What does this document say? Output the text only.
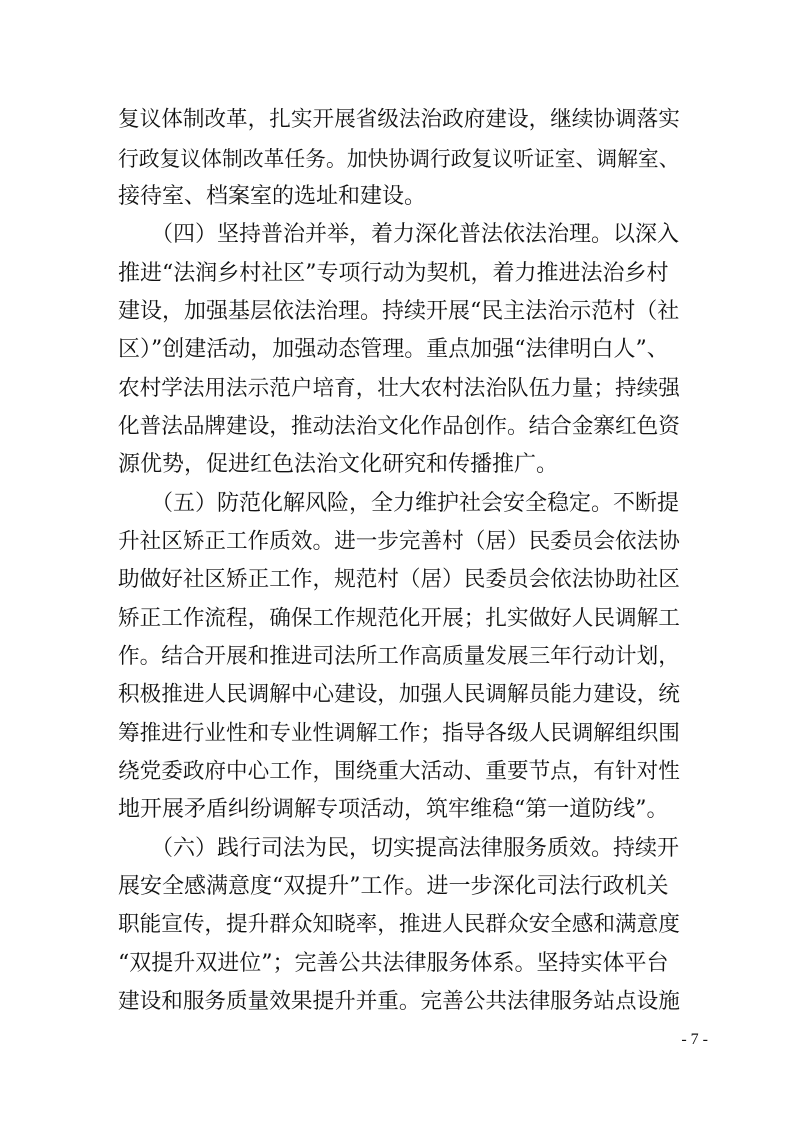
复议体制改革，扎实开展省级法治政府建设，继续协调落实
行政复议体制改革任务。加快协调行政复议听证室、调解室、
接待室、档案室的选址和建设。
（四）坚持普治并举，着力深化普法依法治理。以深入
推进“法润乡村社区”专项行动为契机，着力推进法治乡村
建设，加强基层依法治理。持续开展“民主法治示范村（社
区）”创建活动，加强动态管理。重点加强“法律明白人”、
农村学法用法示范户培育，壮大农村法治队伍力量；持续强
化普法品牌建设，推动法治文化作品创作。结合金寨红色资
源优势，促进红色法治文化研究和传播推广。
（五）防范化解风险，全力维护社会安全稳定。不断提
升社区矫正工作质效。进一步完善村（居）民委员会依法协
助做好社区矫正工作，规范村（居）民委员会依法协助社区
矫正工作流程，确保工作规范化开展；扎实做好人民调解工
作。结合开展和推进司法所工作高质量发展三年行动计划，
积极推进人民调解中心建设，加强人民调解员能力建设，统
筹推进行业性和专业性调解工作；指导各级人民调解组织围
绕党委政府中心工作，围绕重大活动、重要节点，有针对性
地开展矛盾纠纷调解专项活动，筑牢维稳“第一道防线”。
（六）践行司法为民，切实提高法律服务质效。持续开
展安全感满意度“双提升”工作。进一步深化司法行政机关
职能宣传，提升群众知晓率，推进人民群众安全感和满意度
“双提升双进位”；完善公共法律服务体系。坚持实体平台
建设和服务质量效果提升并重。完善公共法律服务站点设施
- 7 -
